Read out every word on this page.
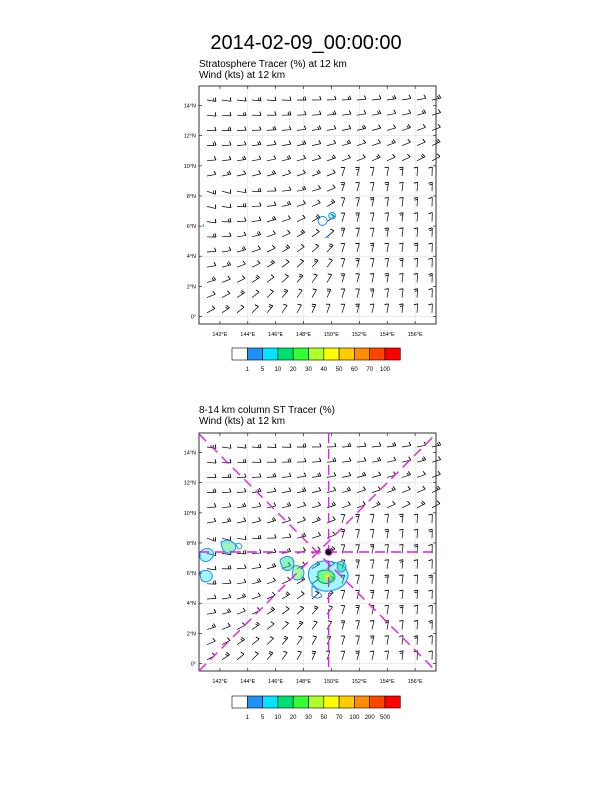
2014-02-09_00:00:00
Stratosphere Tracer (%) at 12 km
Wind (kts) at 12 km
8-14 km column ST Tracer (%)
Wind (kts) at 12 km
0°
2°N
4°N
6°N
8°N
10°N
12°N
14°N
142°E 144°E 146°E 148°E 150°E 152°E 154°E 156°E
1 5 10 20 30 40 50 60 70 100
0°
2°N
4°N
6°N
8°N
10°N
12°N
14°N
142°E 144°E 146°E 148°E 150°E 152°E 154°E 156°E
1 5 10 20 30 50 70 100 200 500
